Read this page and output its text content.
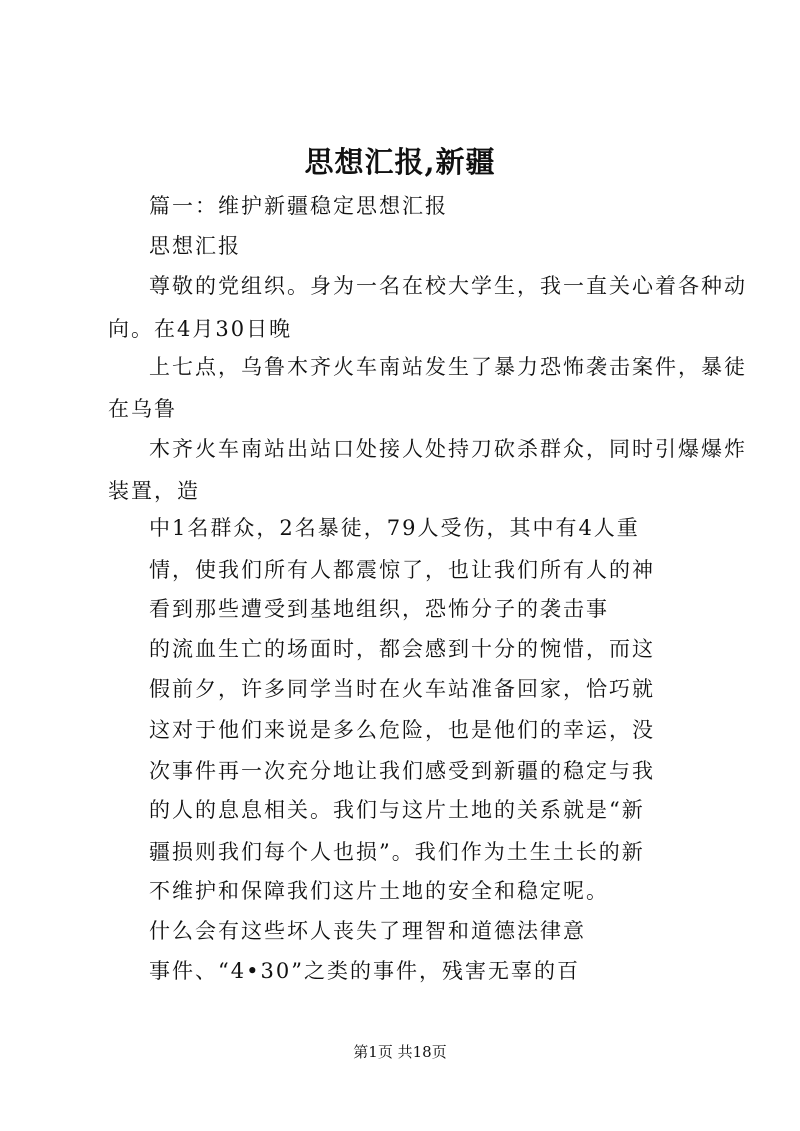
思想汇报,新疆
篇一：维护新疆稳定思想汇报
思想汇报
尊敬的党组织。身为一名在校大学生，我一直关心着各种动
向。在4月30日晚
上七点，乌鲁木齐火车南站发生了暴力恐怖袭击案件，暴徒
在乌鲁
木齐火车南站出站口处接人处持刀砍杀群众，同时引爆爆炸
装置，造
中1名群众，2名暴徒，79人受伤，其中有4人重
情，使我们所有人都震惊了，也让我们所有人的神
看到那些遭受到基地组织，恐怖分子的袭击事
的流血生亡的场面时，都会感到十分的惋惜，而这
假前夕，许多同学当时在火车站准备回家，恰巧就
这对于他们来说是多么危险，也是他们的幸运，没
次事件再一次充分地让我们感受到新疆的稳定与我
的人的息息相关。我们与这片土地的关系就是“新
疆损则我们每个人也损”。我们作为土生土长的新
不维护和保障我们这片土地的安全和稳定呢。
什么会有这些坏人丧失了理智和道德法律意
事件、“4•30”之类的事件，残害无辜的百
第1页 共18页
